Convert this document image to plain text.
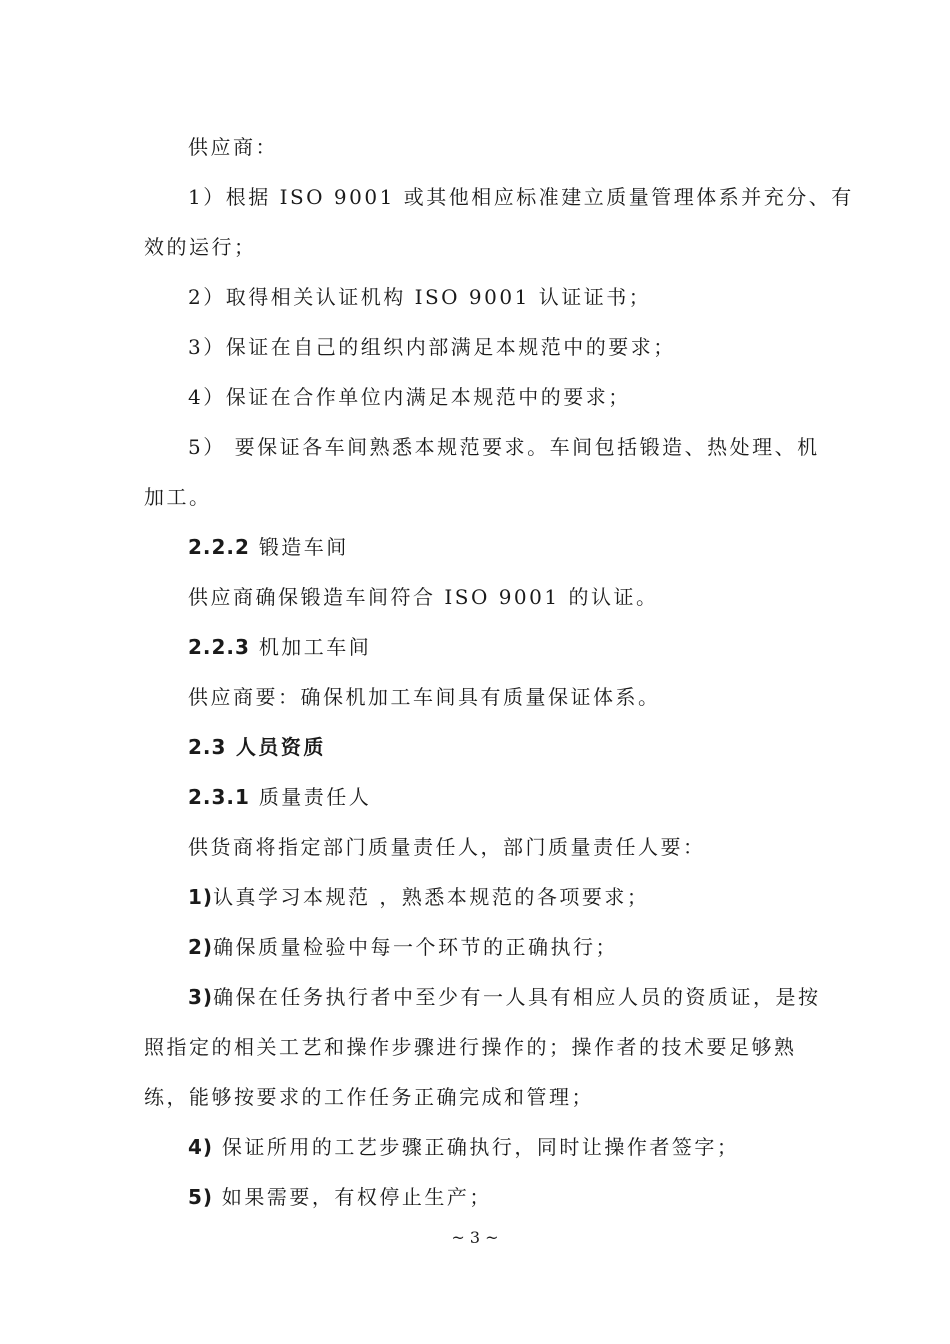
供应商：

1）根据 ISO 9001 或其他相应标准建立质量管理体系并充分、有

效的运行；

2）取得相关认证机构 ISO 9001 认证证书；

3）保证在自己的组织内部满足本规范中的要求；

4）保证在合作单位内满足本规范中的要求；

5） 要保证各车间熟悉本规范要求。车间包括锻造、热处理、机

加工。

2.2.2 锻造车间

供应商确保锻造车间符合 ISO 9001 的认证。

2.2.3 机加工车间

供应商要：确保机加工车间具有质量保证体系。

2.3 人员资质

2.3.1 质量责任人

供货商将指定部门质量责任人，部门质量责任人要：

1)认真学习本规范 ，熟悉本规范的各项要求；

2)确保质量检验中每一个环节的正确执行；

3)确保在任务执行者中至少有一人具有相应人员的资质证，是按

照指定的相关工艺和操作步骤进行操作的；操作者的技术要足够熟

练，能够按要求的工作任务正确完成和管理；

4) 保证所用的工艺步骤正确执行，同时让操作者签字；

5) 如果需要，有权停止生产；

~ 3 ~
